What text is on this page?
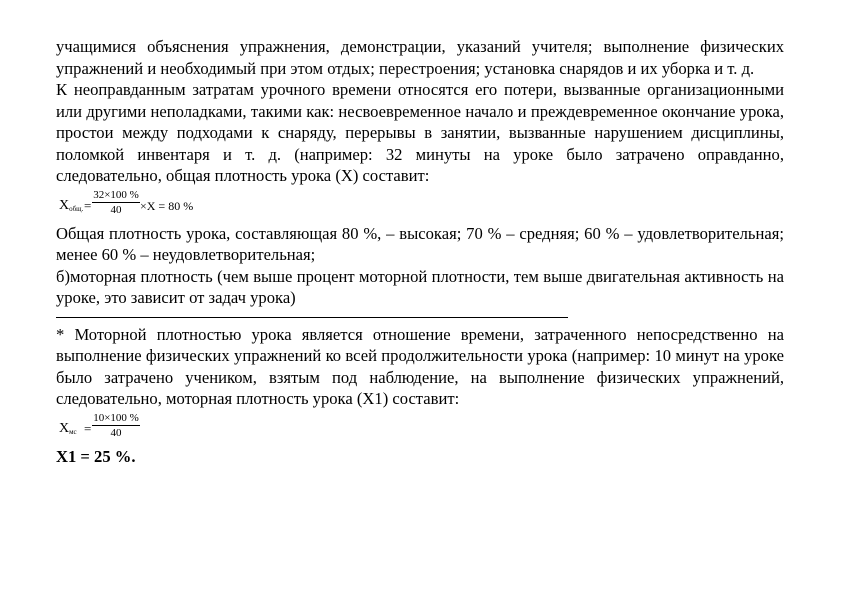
учащимися объяснения упражнения, демонстрации, указаний учителя; выполнение физических упражнений и необходимый при этом отдых; перестроения; установка снарядов и их уборка и т. д.

К неоправданным затратам урочного времени относятся его потери, вызванные организационными или другими неполадками, такими как: несвоевременное начало и преждевременное окончание урока, простои между подходами к снаряду, перерывы в занятии, вызванные нарушением дисциплины, поломкой инвентаря и т. д. (например: 32 минуты на уроке было затрачено оправданно, следовательно, общая плотность урока (Х) составит:

$Х_{общ.} = \frac{32\times 100 \%}{40} \times Х = 80$ %

Общая плотность урока, составляющая 80 %, – высокая; 70 % – средняя; 60 % – удовлетворительная; менее 60 % – неудовлетворительная;

б)моторная плотность (чем выше процент моторной плотности, тем выше двигательная активность на уроке, это зависит от задач урока)

* Моторной плотностью урока является отношение времени, затраченного непосредственно на выполнение физических упражнений ко всей продолжительности урока (например: 10 минут на уроке было затрачено учеником, взятым под наблюдение, на выполнение физических упражнений, следовательно, моторная плотность урока (Х1) составит:

$Х_{мс} = \frac{10\times 100 \%}{40}$

Х1 = 25 %.
